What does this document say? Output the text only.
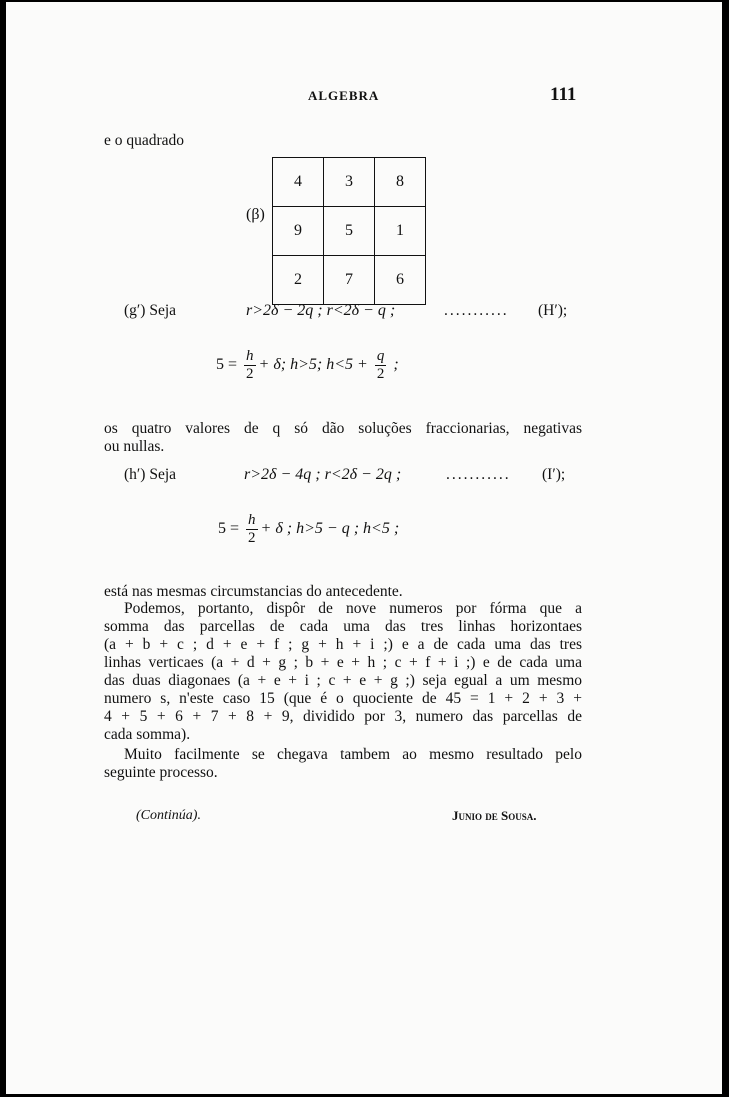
ALGEBRA	111
e o quadrado
(β)
4	3	8
9	5	1
2	7	6
(g′) Seja	r>2δ − 2q ; r<2δ − q ;	........... (H′);
$5 = \frac{h}{2} + \delta$; h>5; $h<5 + \frac{q}{2}$ ;
os quatro valores de q só dão soluções fraccionarias, negativas
ou nullas.
(h′) Seja	r>2δ − 4q ; r<2δ − 2q ;	........... (I′);
$5 = \frac{h}{2} + \delta$ ; h>5 − q ; h<5 ;
está nas mesmas circumstancias do antecedente.
Podemos, portanto, dispôr de nove numeros por fórma que a
somma das parcellas de cada uma das tres linhas horizontaes
(a + b + c ; d + e + f ; g + h + i ;) e a de cada uma das tres
linhas verticaes (a + d + g ; b + e + h ; c + f + i ;) e de cada uma
das duas diagonaes (a + e + i ; c + e + g ;) seja egual a um mesmo
numero s, n'este caso 15 (que é o quociente de 45 = 1 + 2 + 3 +
4 + 5 + 6 + 7 + 8 + 9, dividido por 3, numero das parcellas de
cada somma).
Muito facilmente se chegava tambem ao mesmo resultado pelo
seguinte processo.
(Continúa).	Junio de Sousa.
